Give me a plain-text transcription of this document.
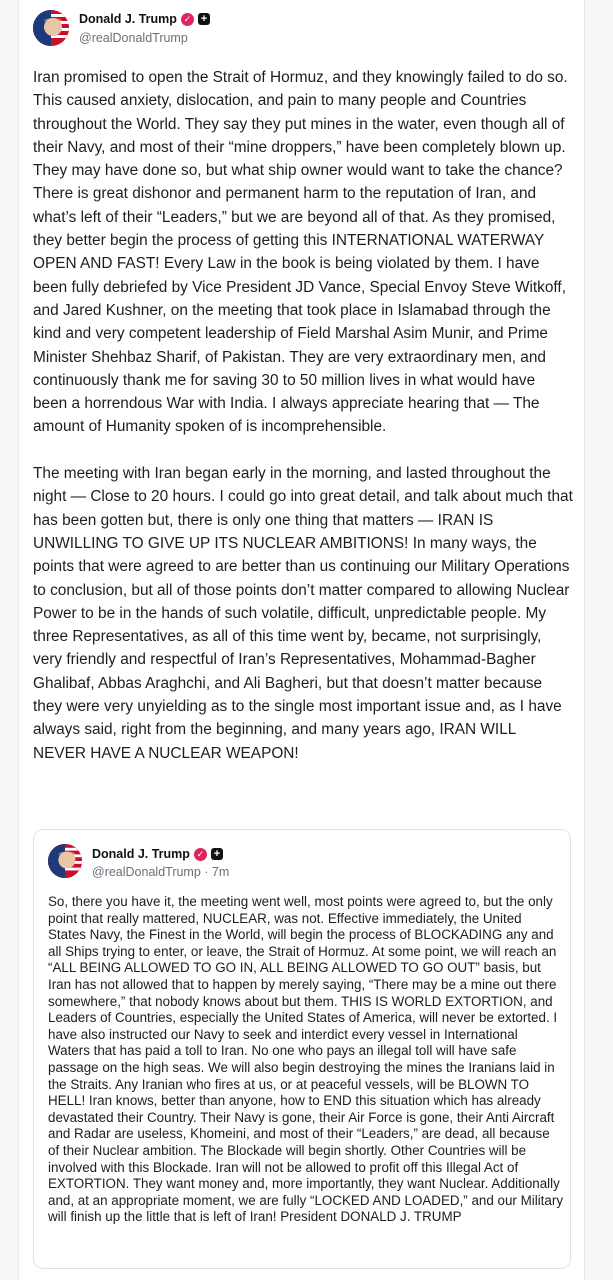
Donald J. Trump ✓ +
@realDonaldTrump

Iran promised to open the Strait of Hormuz, and they knowingly failed to do so. This caused anxiety, dislocation, and pain to many people and Countries throughout the World. They say they put mines in the water, even though all of their Navy, and most of their “mine droppers,” have been completely blown up. They may have done so, but what ship owner would want to take the chance? There is great dishonor and permanent harm to the reputation of Iran, and what’s left of their “Leaders,” but we are beyond all of that. As they promised, they better begin the process of getting this INTERNATIONAL WATERWAY OPEN AND FAST! Every Law in the book is being violated by them. I have been fully debriefed by Vice President JD Vance, Special Envoy Steve Witkoff, and Jared Kushner, on the meeting that took place in Islamabad through the kind and very competent leadership of Field Marshal Asim Munir, and Prime Minister Shehbaz Sharif, of Pakistan. They are very extraordinary men, and continuously thank me for saving 30 to 50 million lives in what would have been a horrendous War with India. I always appreciate hearing that — The amount of Humanity spoken of is incomprehensible.

The meeting with Iran began early in the morning, and lasted throughout the night — Close to 20 hours. I could go into great detail, and talk about much that has been gotten but, there is only one thing that matters — IRAN IS UNWILLING TO GIVE UP ITS NUCLEAR AMBITIONS! In many ways, the points that were agreed to are better than us continuing our Military Operations to conclusion, but all of those points don’t matter compared to allowing Nuclear Power to be in the hands of such volatile, difficult, unpredictable people. My three Representatives, as all of this time went by, became, not surprisingly, very friendly and respectful of Iran’s Representatives, Mohammad-Bagher Ghalibaf, Abbas Araghchi, and Ali Bagheri, but that doesn’t matter because they were very unyielding as to the single most important issue and, as I have always said, right from the beginning, and many years ago, IRAN WILL NEVER HAVE A NUCLEAR WEAPON!

Donald J. Trump ✓ +
@realDonaldTrump · 7m
So, there you have it, the meeting went well, most points were agreed to, but the only point that really mattered, NUCLEAR, was not. Effective immediately, the United States Navy, the Finest in the World, will begin the process of BLOCKADING any and all Ships trying to enter, or leave, the Strait of Hormuz. At some point, we will reach an “ALL BEING ALLOWED TO GO IN, ALL BEING ALLOWED TO GO OUT” basis, but Iran has not allowed that to happen by merely saying, “There may be a mine out there somewhere,” that nobody knows about but them. THIS IS WORLD EXTORTION, and Leaders of Countries, especially the United States of America, will never be extorted. I have also instructed our Navy to seek and interdict every vessel in International Waters that has paid a toll to Iran. No one who pays an illegal toll will have safe passage on the high seas. We will also begin destroying the mines the Iranians laid in the Straits. Any Iranian who fires at us, or at peaceful vessels, will be BLOWN TO HELL! Iran knows, better than anyone, how to END this situation which has already devastated their Country. Their Navy is gone, their Air Force is gone, their Anti Aircraft and Radar are useless, Khomeini, and most of their “Leaders,” are dead, all because of their Nuclear ambition. The Blockade will begin shortly. Other Countries will be involved with this Blockade. Iran will not be allowed to profit off this Illegal Act of EXTORTION. They want money and, more importantly, they want Nuclear. Additionally and, at an appropriate moment, we are fully “LOCKED AND LOADED,” and our Military will finish up the little that is left of Iran! President DONALD J. TRUMP
